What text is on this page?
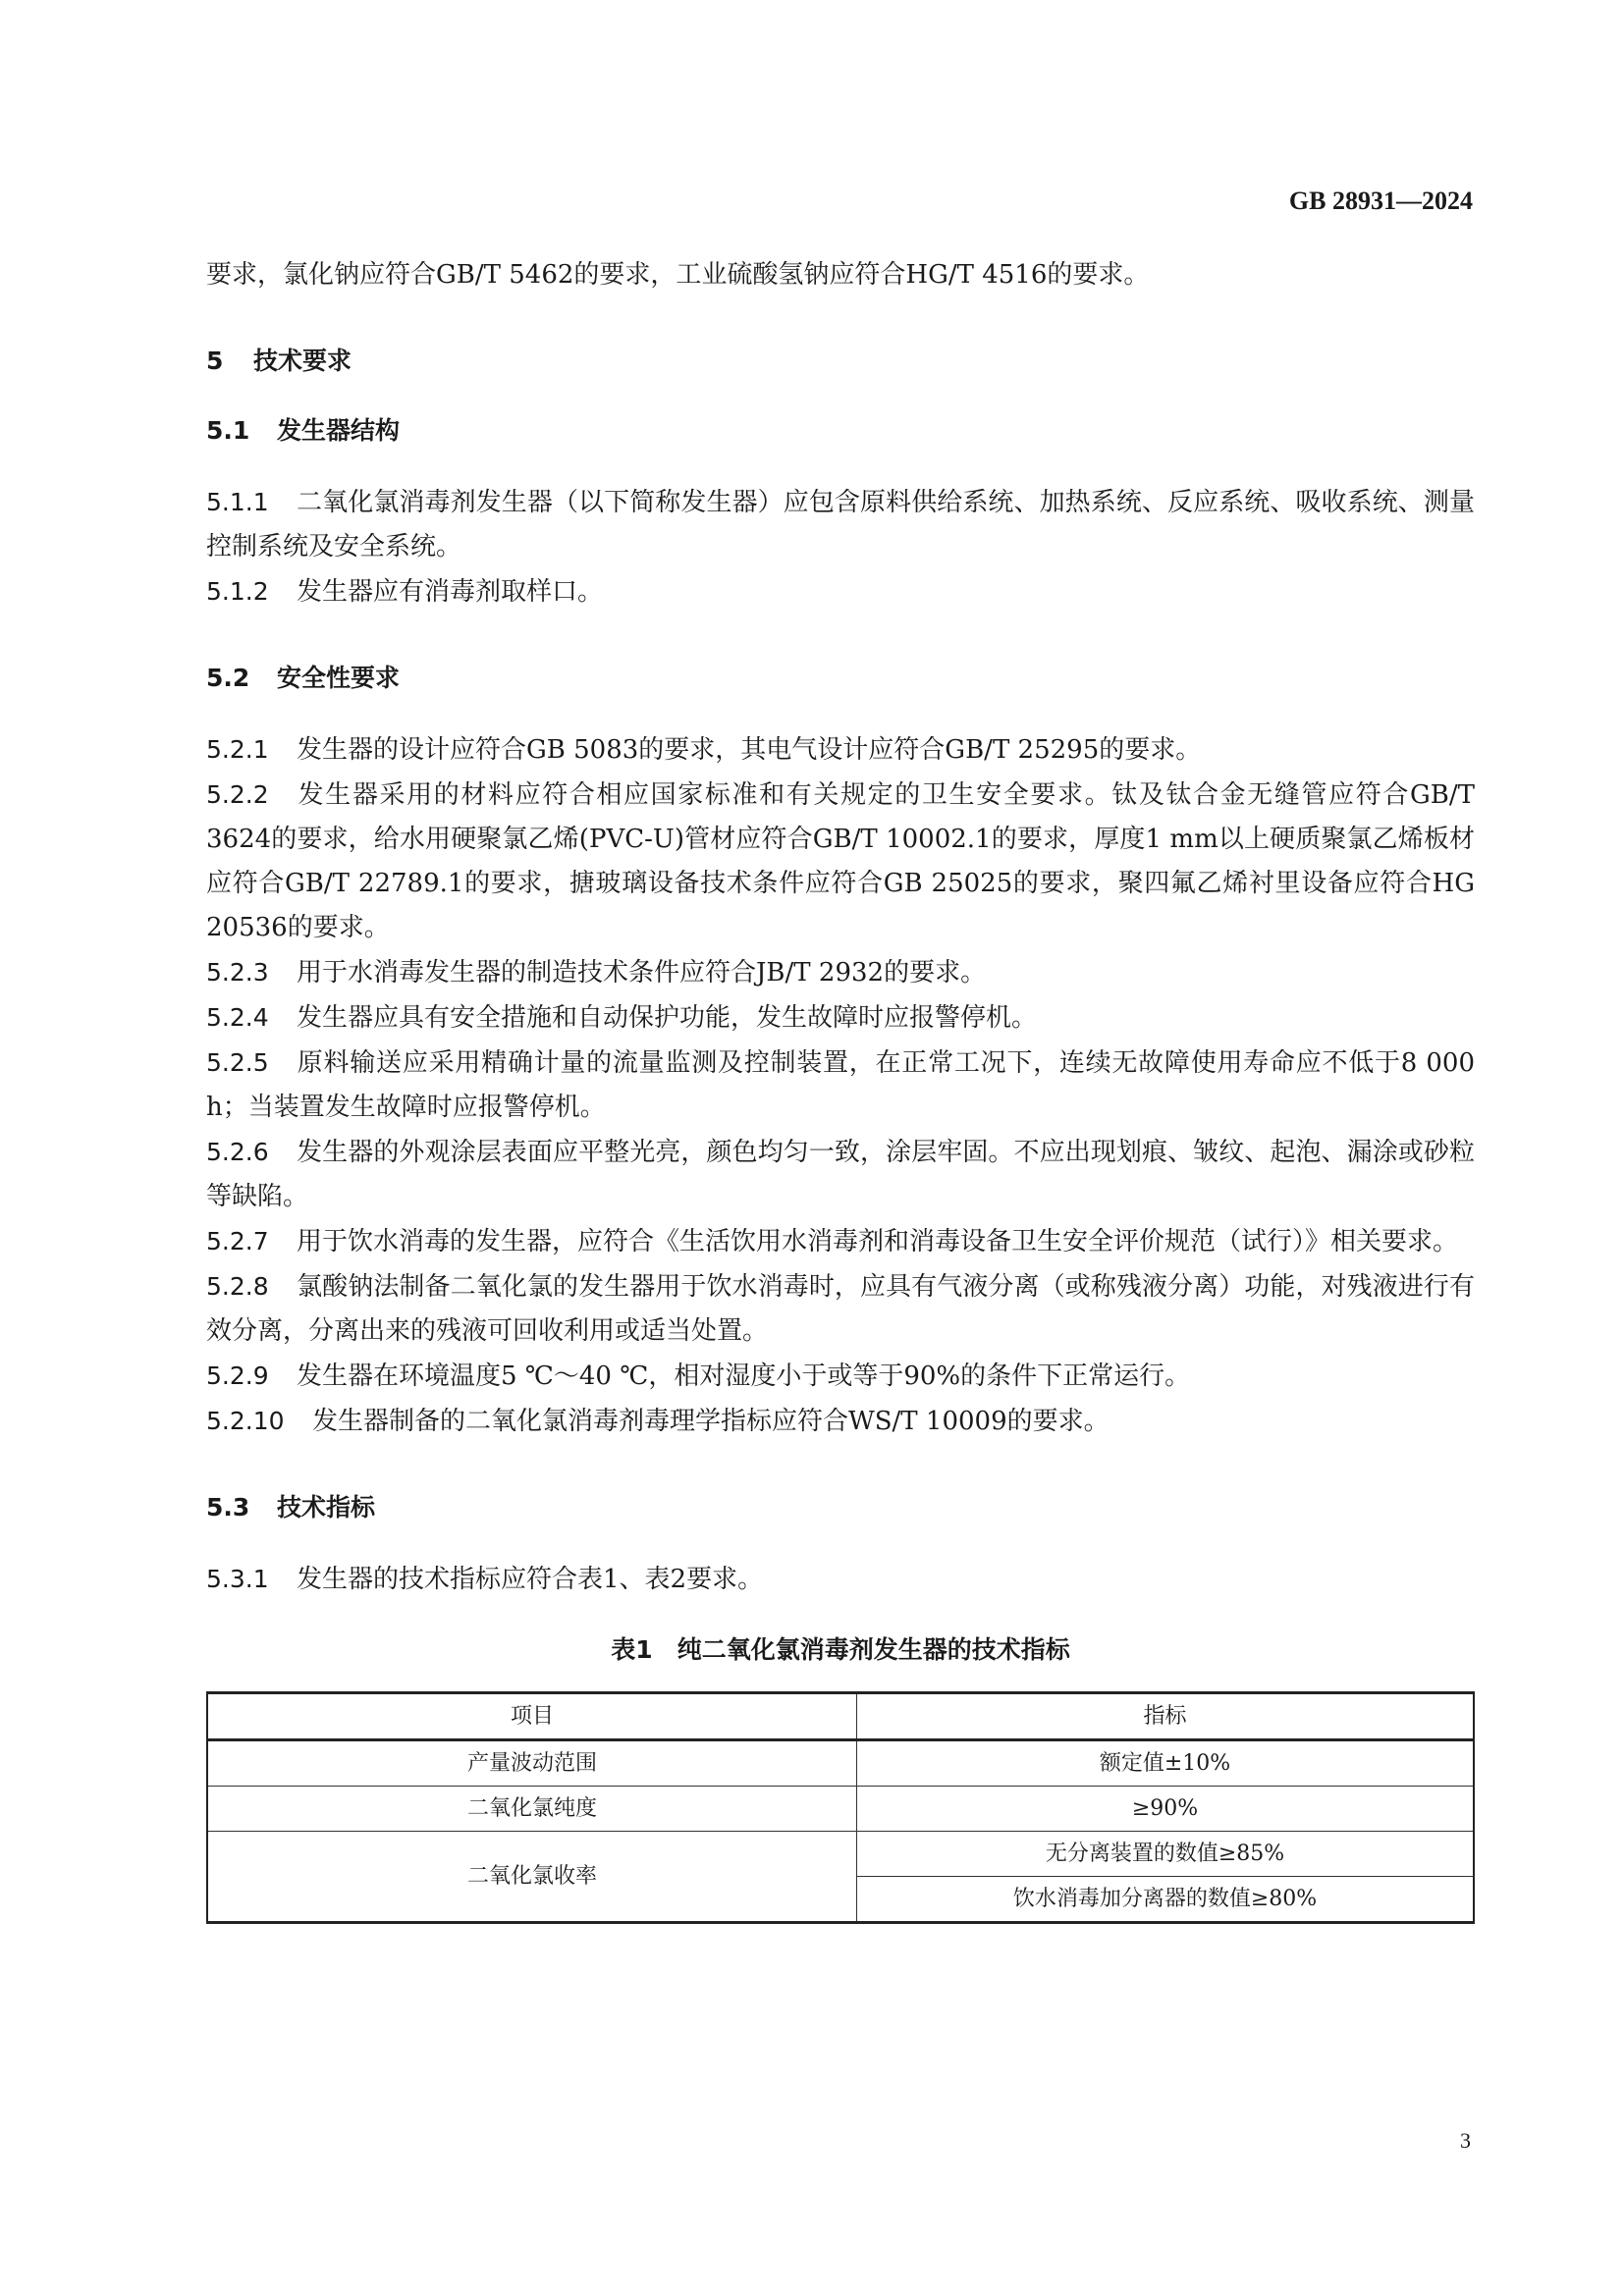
GB 28931—2024

要求，氯化钠应符合GB/T 5462的要求，工业硫酸氢钠应符合HG/T 4516的要求。

5 技术要求
5.1 发生器结构

5.1.1 二氧化氯消毒剂发生器（以下简称发生器）应包含原料供给系统、加热系统、反应系统、吸收系统、测量控制系统及安全系统。

5.1.2 发生器应有消毒剂取样口。

5.2 安全性要求

5.2.1 发生器的设计应符合GB 5083的要求，其电气设计应符合GB/T 25295的要求。

5.2.2 发生器采用的材料应符合相应国家标准和有关规定的卫生安全要求。钛及钛合金无缝管应符合GB/T 3624的要求，给水用硬聚氯乙烯(PVC-U)管材应符合GB/T 10002.1的要求，厚度1 mm以上硬质聚氯乙烯板材应符合GB/T 22789.1的要求，搪玻璃设备技术条件应符合GB 25025的要求，聚四氟乙烯衬里设备应符合HG 20536的要求。

5.2.3 用于水消毒发生器的制造技术条件应符合JB/T 2932的要求。

5.2.4 发生器应具有安全措施和自动保护功能，发生故障时应报警停机。

5.2.5 原料输送应采用精确计量的流量监测及控制装置，在正常工况下，连续无故障使用寿命应不低于8 000 h；当装置发生故障时应报警停机。

5.2.6 发生器的外观涂层表面应平整光亮，颜色均匀一致，涂层牢固。不应出现划痕、皱纹、起泡、漏涂或砂粒等缺陷。

5.2.7 用于饮水消毒的发生器，应符合《生活饮用水消毒剂和消毒设备卫生安全评价规范（试行）》相关要求。

5.2.8 氯酸钠法制备二氧化氯的发生器用于饮水消毒时，应具有气液分离（或称残液分离）功能，对残液进行有效分离，分离出来的残液可回收利用或适当处置。

5.2.9 发生器在环境温度5 ℃～40 ℃，相对湿度小于或等于90%的条件下正常运行。

5.2.10 发生器制备的二氧化氯消毒剂毒理学指标应符合WS/T 10009的要求。

5.3 技术指标

5.3.1 发生器的技术指标应符合表1、表2要求。

表1　纯二氧化氯消毒剂发生器的技术指标
项目	指标
产量波动范围	额定值±10%
二氧化氯纯度	≥90%
二氧化氯收率	无分离装置的数值≥85%
	饮水消毒加分离器的数值≥80%
3
